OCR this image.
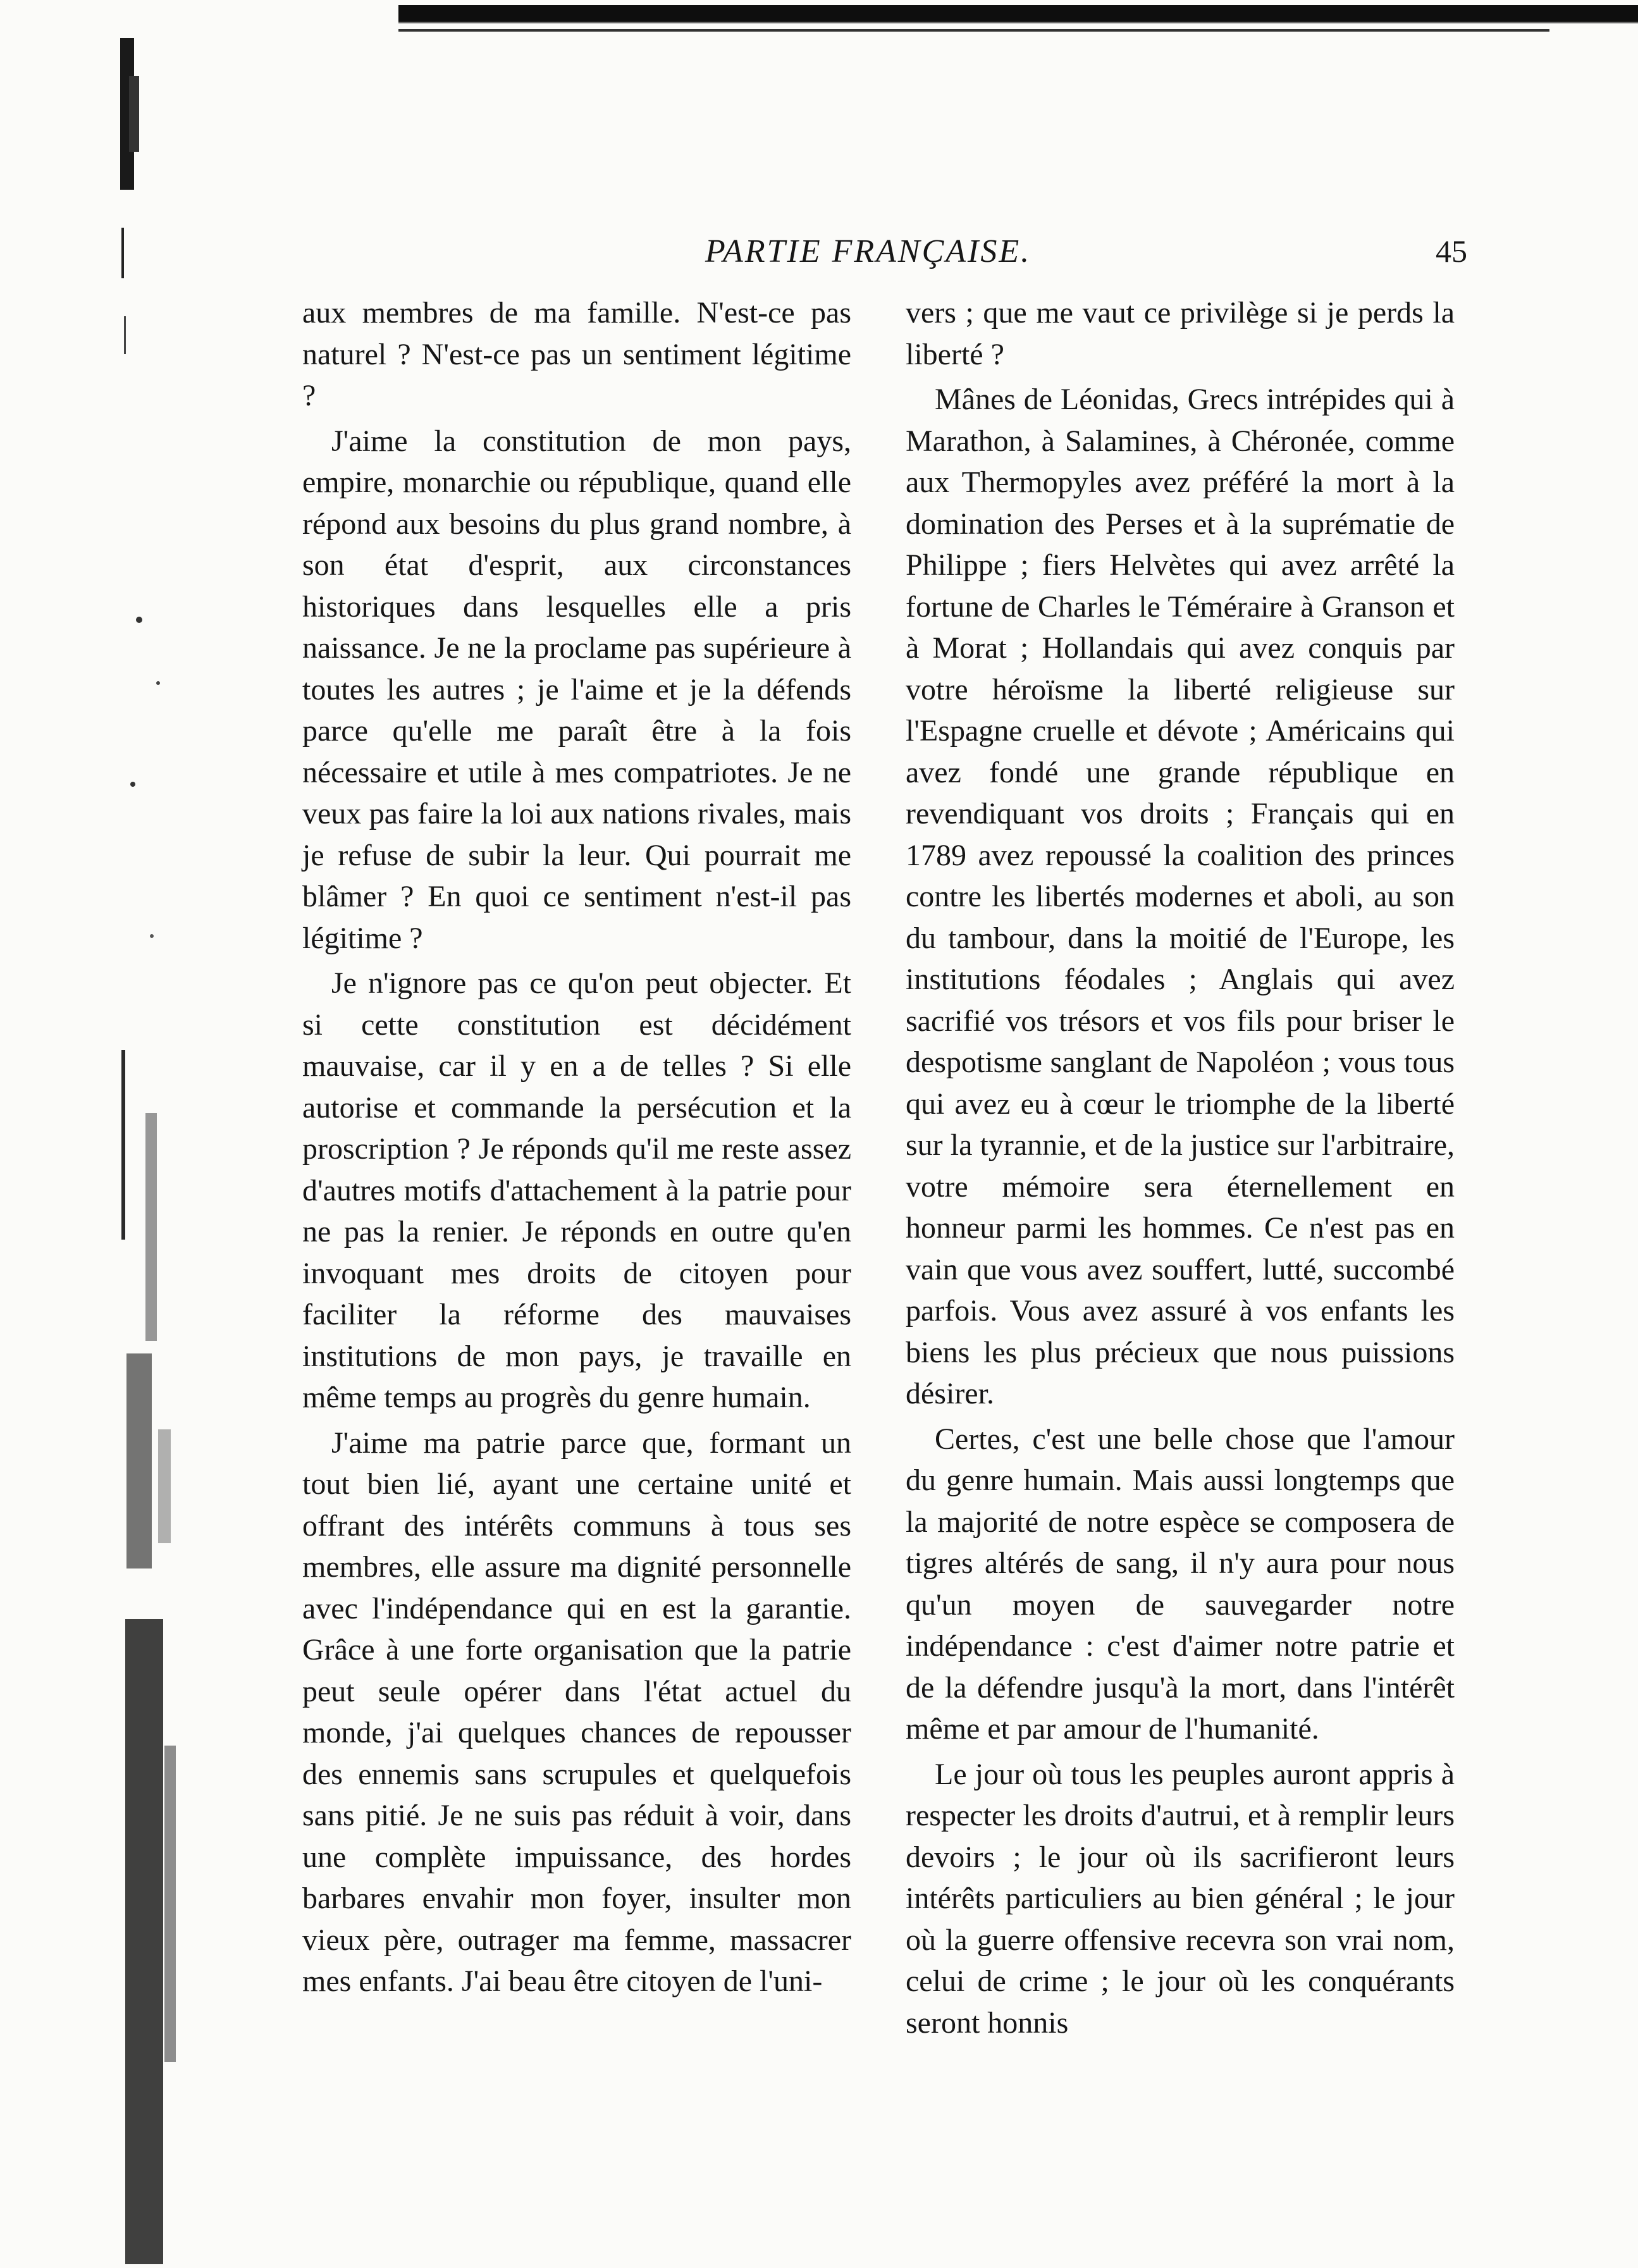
PARTIE FRANÇAISE.	45

aux membres de ma famille. N'est-ce pas naturel ? N'est-ce pas un sentiment légitime ?

J'aime la constitution de mon pays, empire, monarchie ou république, quand elle répond aux besoins du plus grand nombre, à son état d'esprit, aux circonstances historiques dans lesquelles elle a pris naissance. Je ne la proclame pas supérieure à toutes les autres ; je l'aime et je la défends parce qu'elle me paraît être à la fois nécessaire et utile à mes compatriotes. Je ne veux pas faire la loi aux nations rivales, mais je refuse de subir la leur. Qui pourrait me blâmer ? En quoi ce sentiment n'est-il pas légitime ?

Je n'ignore pas ce qu'on peut objecter. Et si cette constitution est décidément mauvaise, car il y en a de telles ? Si elle autorise et commande la persécution et la proscription ? Je réponds qu'il me reste assez d'autres motifs d'attachement à la patrie pour ne pas la renier. Je réponds en outre qu'en invoquant mes droits de citoyen pour faciliter la réforme des mauvaises institutions de mon pays, je travaille en même temps au progrès du genre humain.

J'aime ma patrie parce que, formant un tout bien lié, ayant une certaine unité et offrant des intérêts communs à tous ses membres, elle assure ma dignité personnelle avec l'indépendance qui en est la garantie. Grâce à une forte organisation que la patrie peut seule opérer dans l'état actuel du monde, j'ai quelques chances de repousser des ennemis sans scrupules et quelquefois sans pitié. Je ne suis pas réduit à voir, dans une complète impuissance, des hordes barbares envahir mon foyer, insulter mon vieux père, outrager ma femme, massacrer mes enfants. J'ai beau être citoyen de l'uni-

vers ; que me vaut ce privilège si je perds la liberté ?

Mânes de Léonidas, Grecs intrépides qui à Marathon, à Salamines, à Chéronée, comme aux Thermopyles avez préféré la mort à la domination des Perses et à la suprématie de Philippe ; fiers Helvètes qui avez arrêté la fortune de Charles le Téméraire à Granson et à Morat ; Hollandais qui avez conquis par votre héroïsme la liberté religieuse sur l'Espagne cruelle et dévote ; Américains qui avez fondé une grande république en revendiquant vos droits ; Français qui en 1789 avez repoussé la coalition des princes contre les libertés modernes et aboli, au son du tambour, dans la moitié de l'Europe, les institutions féodales ; Anglais qui avez sacrifié vos trésors et vos fils pour briser le despotisme sanglant de Napoléon ; vous tous qui avez eu à cœur le triomphe de la liberté sur la tyrannie, et de la justice sur l'arbitraire, votre mémoire sera éternellement en honneur parmi les hommes. Ce n'est pas en vain que vous avez souffert, lutté, succombé parfois. Vous avez assuré à vos enfants les biens les plus précieux que nous puissions désirer.

Certes, c'est une belle chose que l'amour du genre humain. Mais aussi longtemps que la majorité de notre espèce se composera de tigres altérés de sang, il n'y aura pour nous qu'un moyen de sauvegarder notre indépendance : c'est d'aimer notre patrie et de la défendre jusqu'à la mort, dans l'intérêt même et par amour de l'humanité.

Le jour où tous les peuples auront appris à respecter les droits d'autrui, et à remplir leurs devoirs ; le jour où ils sacrifieront leurs intérêts particuliers au bien général ; le jour où la guerre offensive recevra son vrai nom, celui de crime ; le jour où les conquérants seront honnis
